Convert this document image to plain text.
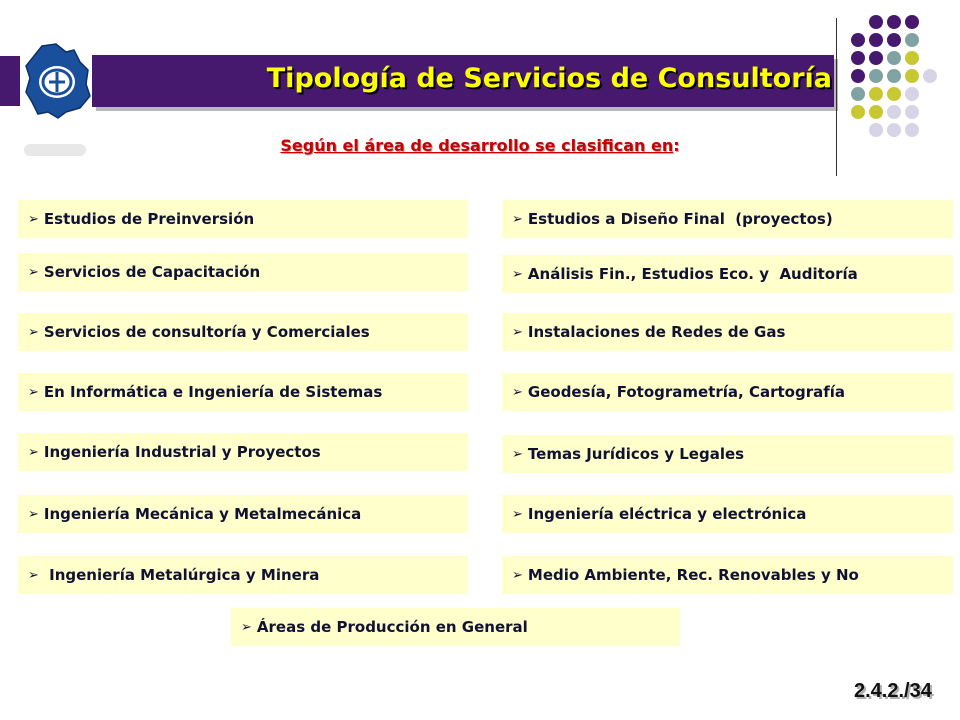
Tipología de Servicios de Consultoría
Según el área de desarrollo se clasifican en:
➢ Estudios de Preinversión
➢ Servicios de Capacitación
➢ Servicios de consultoría y Comerciales
➢ En Informática e Ingeniería de Sistemas
➢ Ingeniería Industrial y Proyectos
➢ Ingeniería Mecánica y Metalmecánica
➢ Ingeniería Metalúrgica y Minera
➢ Estudios a Diseño Final  (proyectos)
➢ Análisis Fin., Estudios Eco. y  Auditoría
➢ Instalaciones de Redes de Gas
➢ Geodesía, Fotogrametría, Cartografía
➢ Temas Jurídicos y Legales
➢ Ingeniería eléctrica y electrónica
➢ Medio Ambiente, Rec. Renovables y No
➢ Áreas de Producción en General
2.4.2./34
